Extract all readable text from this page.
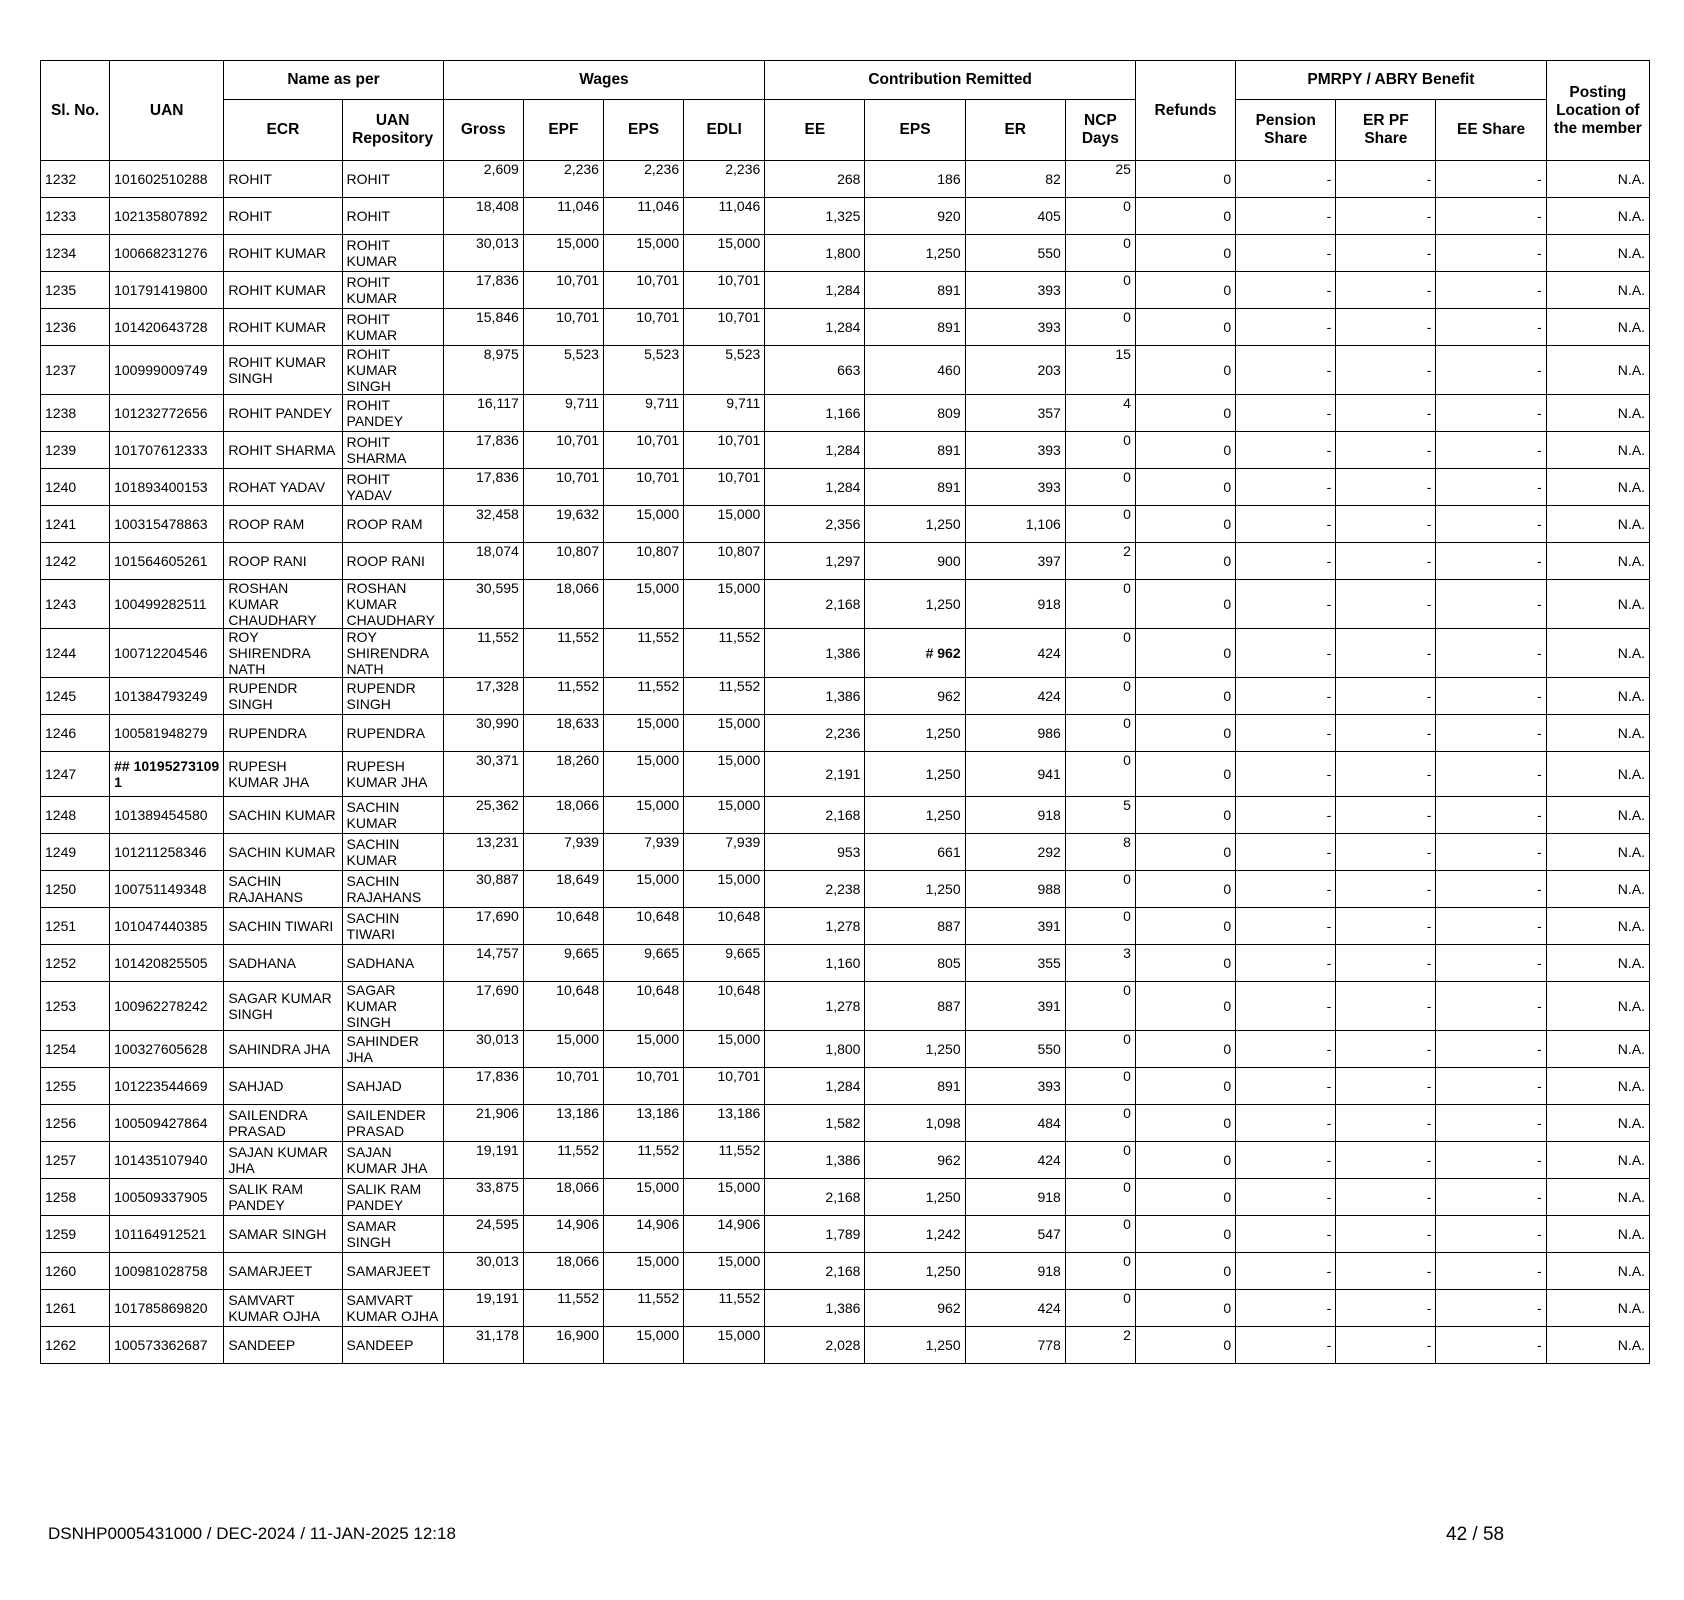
Sl. No.	UAN	Name as per		Wages				Contribution Remitted				Refunds	PMRPY / ABRY Benefit			Posting Location of the member
		ECR	UAN Repository	Gross	EPF	EPS	EDLI	EE	EPS	ER	NCP Days		Pension Share	ER PF Share	EE Share	
1232	101602510288	ROHIT	ROHIT	2,609	2,236	2,236	2,236	268	186	82	25	0	-	-	-	N.A.
1233	102135807892	ROHIT	ROHIT	18,408	11,046	11,046	11,046	1,325	920	405	0	0	-	-	-	N.A.
1234	100668231276	ROHIT KUMAR	ROHIT KUMAR	30,013	15,000	15,000	15,000	1,800	1,250	550	0	0	-	-	-	N.A.
1235	101791419800	ROHIT KUMAR	ROHIT KUMAR	17,836	10,701	10,701	10,701	1,284	891	393	0	0	-	-	-	N.A.
1236	101420643728	ROHIT KUMAR	ROHIT KUMAR	15,846	10,701	10,701	10,701	1,284	891	393	0	0	-	-	-	N.A.
1237	100999009749	ROHIT KUMAR SINGH	ROHIT KUMAR SINGH	8,975	5,523	5,523	5,523	663	460	203	15	0	-	-	-	N.A.
1238	101232772656	ROHIT PANDEY	ROHIT PANDEY	16,117	9,711	9,711	9,711	1,166	809	357	4	0	-	-	-	N.A.
1239	101707612333	ROHIT SHARMA	ROHIT SHARMA	17,836	10,701	10,701	10,701	1,284	891	393	0	0	-	-	-	N.A.
1240	101893400153	ROHAT YADAV	ROHIT YADAV	17,836	10,701	10,701	10,701	1,284	891	393	0	0	-	-	-	N.A.
1241	100315478863	ROOP RAM	ROOP RAM	32,458	19,632	15,000	15,000	2,356	1,250	1,106	0	0	-	-	-	N.A.
1242	101564605261	ROOP RANI	ROOP RANI	18,074	10,807	10,807	10,807	1,297	900	397	2	0	-	-	-	N.A.
1243	100499282511	ROSHAN KUMAR CHAUDHARY	ROSHAN KUMAR CHAUDHARY	30,595	18,066	15,000	15,000	2,168	1,250	918	0	0	-	-	-	N.A.
1244	100712204546	ROY SHIRENDRA NATH	ROY SHIRENDRA NATH	11,552	11,552	11,552	11,552	1,386	# 962	424	0	0	-	-	-	N.A.
1245	101384793249	RUPENDR SINGH	RUPENDR SINGH	17,328	11,552	11,552	11,552	1,386	962	424	0	0	-	-	-	N.A.
1246	100581948279	RUPENDRA	RUPENDRA	30,990	18,633	15,000	15,000	2,236	1,250	986	0	0	-	-	-	N.A.
1247	## 10195273109 1	RUPESH KUMAR JHA	RUPESH KUMAR JHA	30,371	18,260	15,000	15,000	2,191	1,250	941	0	0	-	-	-	N.A.
1248	101389454580	SACHIN KUMAR	SACHIN KUMAR	25,362	18,066	15,000	15,000	2,168	1,250	918	5	0	-	-	-	N.A.
1249	101211258346	SACHIN KUMAR	SACHIN KUMAR	13,231	7,939	7,939	7,939	953	661	292	8	0	-	-	-	N.A.
1250	100751149348	SACHIN RAJAHANS	SACHIN RAJAHANS	30,887	18,649	15,000	15,000	2,238	1,250	988	0	0	-	-	-	N.A.
1251	101047440385	SACHIN TIWARI	SACHIN TIWARI	17,690	10,648	10,648	10,648	1,278	887	391	0	0	-	-	-	N.A.
1252	101420825505	SADHANA	SADHANA	14,757	9,665	9,665	9,665	1,160	805	355	3	0	-	-	-	N.A.
1253	100962278242	SAGAR KUMAR SINGH	SAGAR KUMAR SINGH	17,690	10,648	10,648	10,648	1,278	887	391	0	0	-	-	-	N.A.
1254	100327605628	SAHINDRA JHA	SAHINDER JHA	30,013	15,000	15,000	15,000	1,800	1,250	550	0	0	-	-	-	N.A.
1255	101223544669	SAHJAD	SAHJAD	17,836	10,701	10,701	10,701	1,284	891	393	0	0	-	-	-	N.A.
1256	100509427864	SAILENDRA PRASAD	SAILENDER PRASAD	21,906	13,186	13,186	13,186	1,582	1,098	484	0	0	-	-	-	N.A.
1257	101435107940	SAJAN KUMAR JHA	SAJAN KUMAR JHA	19,191	11,552	11,552	11,552	1,386	962	424	0	0	-	-	-	N.A.
1258	100509337905	SALIK RAM PANDEY	SALIK RAM PANDEY	33,875	18,066	15,000	15,000	2,168	1,250	918	0	0	-	-	-	N.A.
1259	101164912521	SAMAR SINGH	SAMAR SINGH	24,595	14,906	14,906	14,906	1,789	1,242	547	0	0	-	-	-	N.A.
1260	100981028758	SAMARJEET	SAMARJEET	30,013	18,066	15,000	15,000	2,168	1,250	918	0	0	-	-	-	N.A.
1261	101785869820	SAMVART KUMAR OJHA	SAMVART KUMAR OJHA	19,191	11,552	11,552	11,552	1,386	962	424	0	0	-	-	-	N.A.
1262	100573362687	SANDEEP	SANDEEP	31,178	16,900	15,000	15,000	2,028	1,250	778	2	0	-	-	-	N.A.
DSNHP0005431000 / DEC-2024 / 11-JAN-2025 12:18	42 / 58
